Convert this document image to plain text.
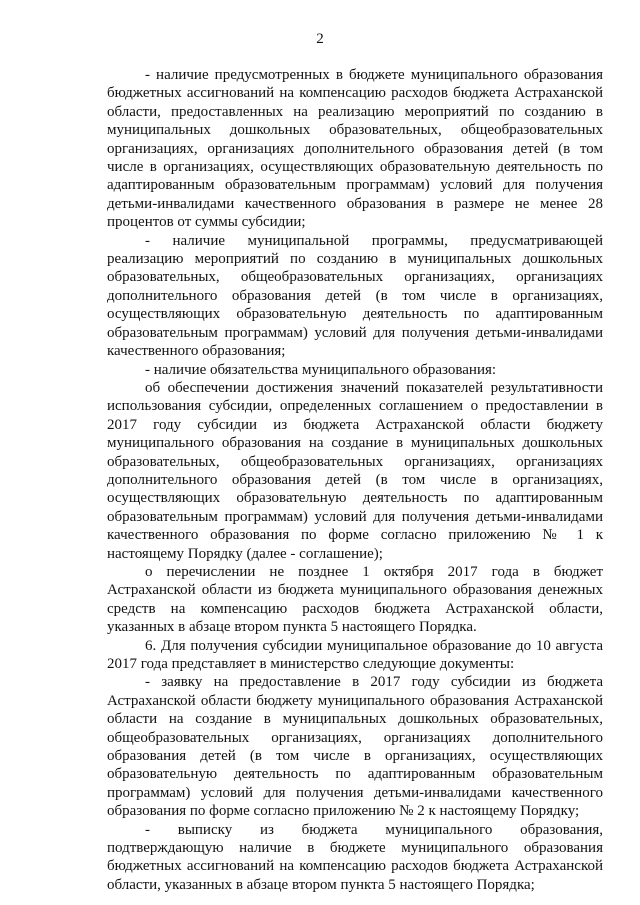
2

- наличие предусмотренных в бюджете муниципального образования бюджетных ассигнований на компенсацию расходов бюджета Астраханской области, предоставленных на реализацию мероприятий по созданию в муниципальных дошкольных образовательных, общеобразовательных организациях, организациях дополнительного образования детей (в том числе в организациях, осуществляющих образовательную деятельность по адаптированным образовательным программам) условий для получения детьми-инвалидами качественного образования в размере не менее 28 процентов от суммы субсидии;

- наличие муниципальной программы, предусматривающей реализацию мероприятий по созданию в муниципальных дошкольных образовательных, общеобразовательных организациях, организациях дополнительного образования детей (в том числе в организациях, осуществляющих образовательную деятельность по адаптированным образовательным программам) условий для получения детьми-инвалидами качественного образования;

- наличие обязательства муниципального образования:

об обеспечении достижения значений показателей результативности использования субсидии, определенных соглашением о предоставлении в 2017 году субсидии из бюджета Астраханской области бюджету муниципального образования на создание в муниципальных дошкольных образовательных, общеобразовательных организациях, организациях дополнительного образования детей (в том числе в организациях, осуществляющих образовательную деятельность по адаптированным образовательным программам) условий для получения детьми-инвалидами качественного образования по форме согласно приложению № 1 к настоящему Порядку (далее - соглашение);

о перечислении не позднее 1 октября 2017 года в бюджет Астраханской области из бюджета муниципального образования денежных средств на компенсацию расходов бюджета Астраханской области, указанных в абзаце втором пункта 5 настоящего Порядка.

6. Для получения субсидии муниципальное образование до 10 августа 2017 года представляет в министерство следующие документы:

- заявку на предоставление в 2017 году субсидии из бюджета Астраханской области бюджету муниципального образования Астраханской области на создание в муниципальных дошкольных образовательных, общеобразовательных организациях, организациях дополнительного образования детей (в том числе в организациях, осуществляющих образовательную деятельность по адаптированным образовательным программам) условий для получения детьми-инвалидами качественного образования по форме согласно приложению № 2 к настоящему Порядку;

- выписку из бюджета муниципального образования, подтверждающую наличие в бюджете муниципального образования бюджетных ассигнований на компенсацию расходов бюджета Астраханской области, указанных в абзаце втором пункта 5 настоящего Порядка;
